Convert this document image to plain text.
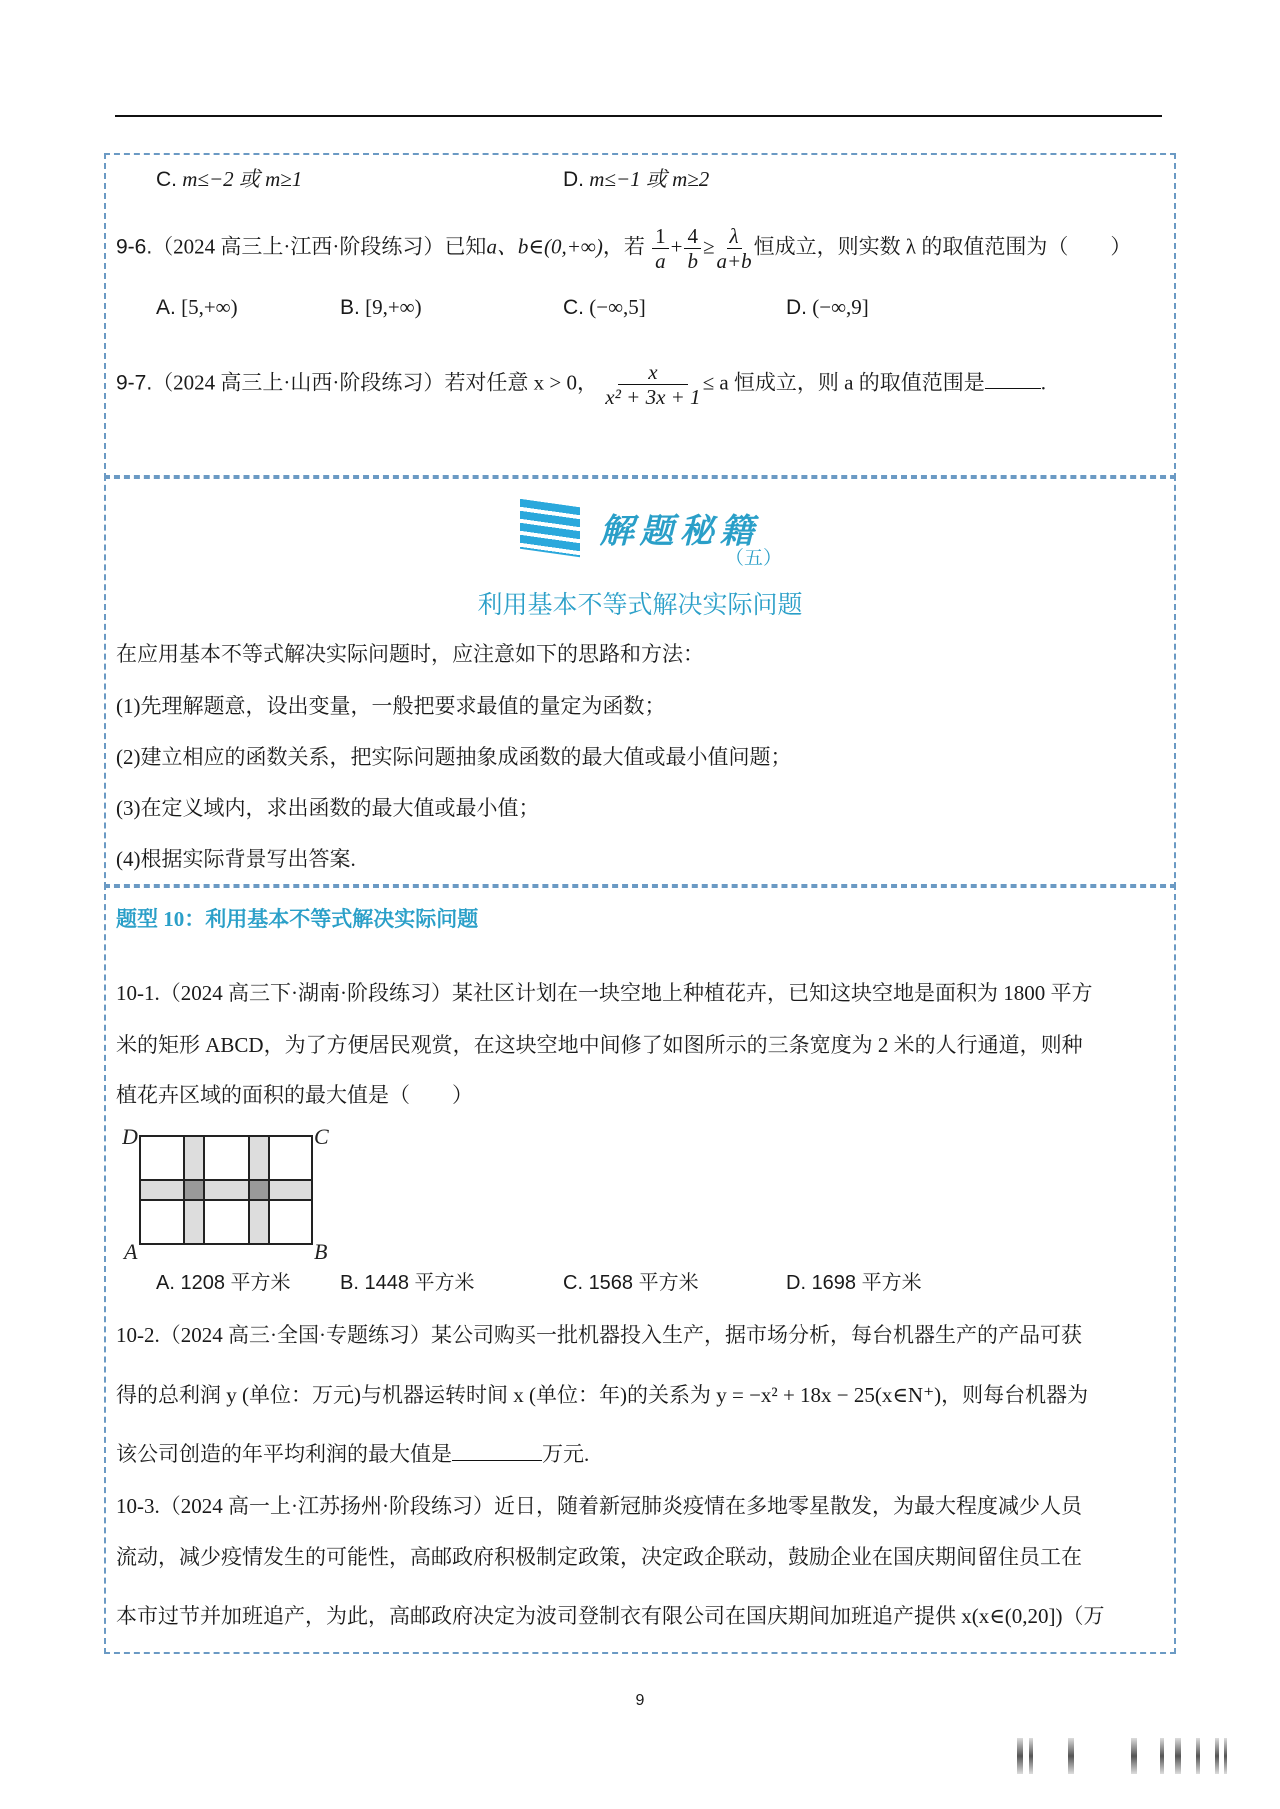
C. m≤−2 或 m≥1	D. m≤−1 或 m≥2
9-6.（2024 高三上·江西·阶段练习）已知a、b∈(0,+∞)，若 $\frac{1}{a} + \frac{4}{b} \ge \frac{\lambda}{a+b}$ 恒成立，则实数 λ 的取值范围为（　　）
A. [5,+∞)	B. [9,+∞)	C. (−∞,5]	D. (−∞,9]
9-7.（2024 高三上·山西·阶段练习）若对任意 x > 0， $\frac{x}{\text{x² + 3x + 1}} \le a$ 恒成立，则 a 的取值范围是	.
解题秘籍
（五）
利用基本不等式解决实际问题
在应用基本不等式解决实际问题时，应注意如下的思路和方法：
(1)先理解题意，设出变量，一般把要求最值的量定为函数；
(2)建立相应的函数关系，把实际问题抽象成函数的最大值或最小值问题；
(3)在定义域内，求出函数的最大值或最小值；
(4)根据实际背景写出答案.
题型 10：利用基本不等式解决实际问题
10-1.（2024 高三下·湖南·阶段练习）某社区计划在一块空地上种植花卉，已知这块空地是面积为 1800 平方
米的矩形 ABCD，为了方便居民观赏，在这块空地中间修了如图所示的三条宽度为 2 米的人行通道，则种
植花卉区域的面积的最大值是（　　）
D	C
A	B
A. 1208 平方米 B. 1448 平方米	C. 1568 平方米	D. 1698 平方米
10-2.（2024 高三·全国·专题练习）某公司购买一批机器投入生产，据市场分析，每台机器生产的产品可获
得的总利润 y (单位：万元)与机器运转时间 x (单位：年)的关系为 y = −x² + 18x − 25(x∈N⁺)，则每台机器为
该公司创造的年平均利润的最大值是	万元.
10-3.（2024 高一上·江苏扬州·阶段练习）近日，随着新冠肺炎疫情在多地零星散发，为最大程度减少人员
流动，减少疫情发生的可能性，高邮政府积极制定政策，决定政企联动，鼓励企业在国庆期间留住员工在
本市过节并加班追产，为此，高邮政府决定为波司登制衣有限公司在国庆期间加班追产提供 x(x∈(0,20])（万
9
